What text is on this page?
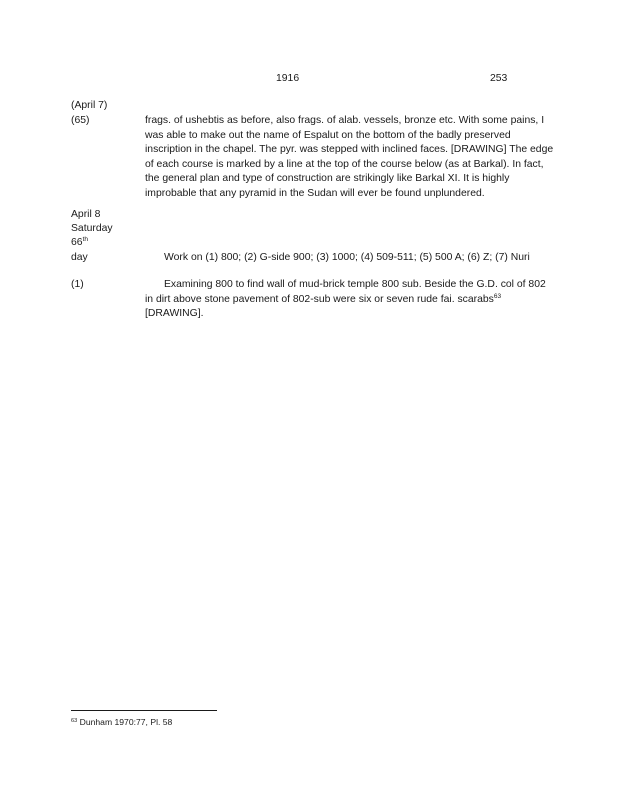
1916	253
(April 7)
(65)	frags. of ushebtis as before, also frags. of alab. vessels, bronze etc. With some pains, I
was able to make out the name of Espalut on the bottom of the badly preserved
inscription in the chapel. The pyr. was stepped with inclined faces. [DRAWING] The edge
of each course is marked by a line at the top of the course below (as at Barkal). In fact,
the general plan and type of construction are strikingly like Barkal XI. It is highly
improbable that any pyramid in the Sudan will ever be found unplundered.
April 8
Saturday
66th
day	Work on (1) 800; (2) G-side 900; (3) 1000; (4) 509-511; (5) 500 A; (6) Z; (7) Nuri
(1)	Examining 800 to find wall of mud-brick temple 800 sub. Beside the G.D. col of 802
in dirt above stone pavement of 802-sub were six or seven rude fai. scarabs$^{63}$
[DRAWING].
$^{63}$ Dunham 1970:77, Pl. 58
